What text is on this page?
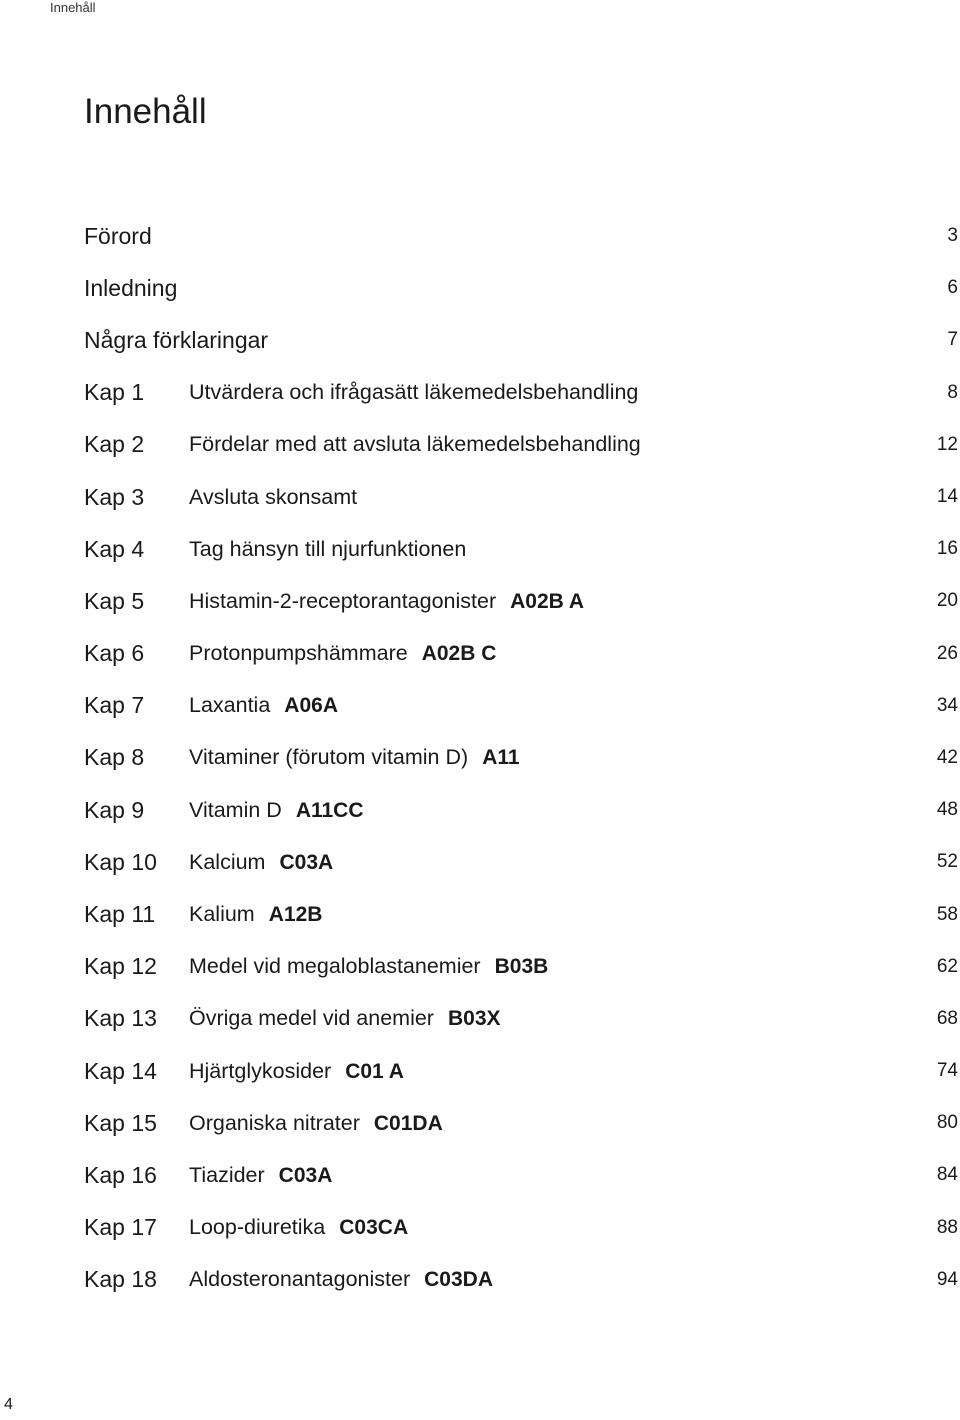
Innehåll
Innehåll
Förord	3
Inledning	6
Några förklaringar	7
Kap 1	Utvärdera och ifrågasätt läkemedelsbehandling	8
Kap 2	Fördelar med att avsluta läkemedelsbehandling	12
Kap 3	Avsluta skonsamt	14
Kap 4	Tag hänsyn till njurfunktionen	16
Kap 5	Histamin-2-receptorantagonister A02B A	20
Kap 6	Protonpumpshämmare A02B C	26
Kap 7	Laxantia A06A	34
Kap 8	Vitaminer (förutom vitamin D) A11	42
Kap 9	Vitamin D A11CC	48
Kap 10	Kalcium C03A	52
Kap 11	Kalium A12B	58
Kap 12	Medel vid megaloblastanemier B03B	62
Kap 13	Övriga medel vid anemier B03X	68
Kap 14	Hjärtglykosider C01 A	74
Kap 15	Organiska nitrater C01DA	80
Kap 16	Tiazider C03A	84
Kap 17	Loop-diuretika C03CA	88
Kap 18	Aldosteronantagonister C03DA	94
4
